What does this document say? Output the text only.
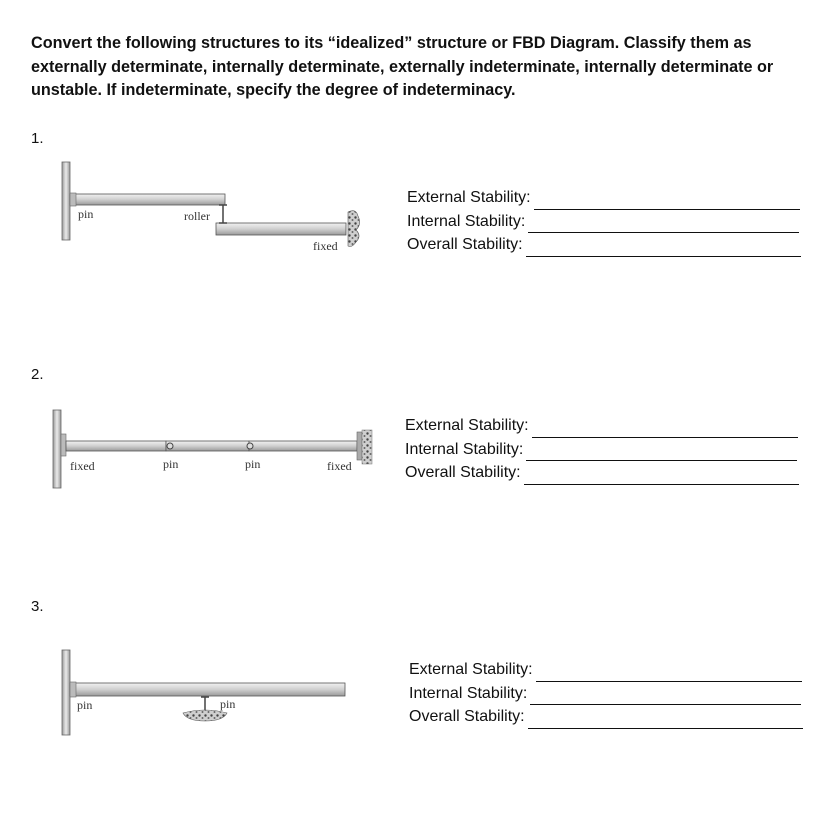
Convert the following structures to its “idealized” structure or FBD Diagram. Classify them as externally determinate, internally determinate, externally indeterminate, internally determinate or unstable. If indeterminate, specify the degree of indeterminacy.

1.
2.
3.
pin	roller
fixed
fixed	pin	pin	fixed
pin	pin
External Stability:
Internal Stability:
Overall Stability:
External Stability:
Internal Stability:
Overall Stability:
External Stability:
Internal Stability:
Overall Stability:
